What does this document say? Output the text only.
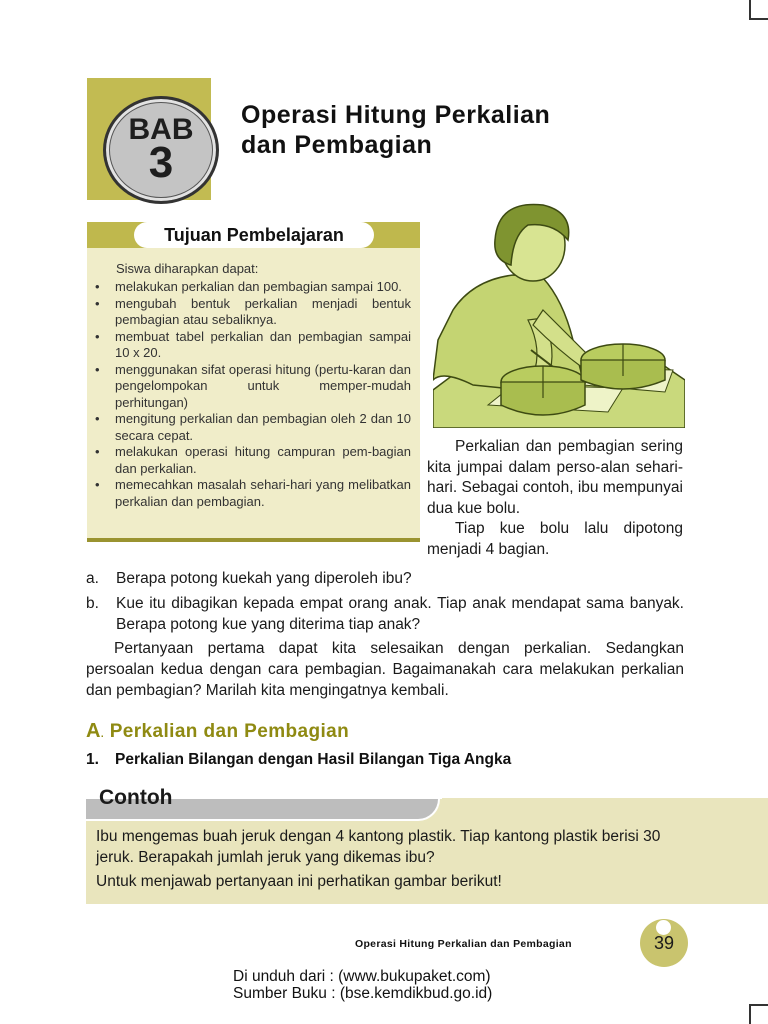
BAB
3
Operasi Hitung Perkalian
dan Pembagian
Tujuan Pembelajaran
Siswa diharapkan dapat:
• melakukan perkalian dan pembagian sampai 100.
• mengubah bentuk perkalian menjadi bentuk pembagian atau sebaliknya.
• membuat tabel perkalian dan pembagian sampai 10 x 20.
• menggunakan sifat operasi hitung (pertu-karan dan pengelompokan untuk memper-mudah perhitungan)
• mengitung perkalian dan pembagian oleh 2 dan 10 secara cepat.
• melakukan operasi hitung campuran pem-bagian dan perkalian.
• memecahkan masalah sehari-hari yang melibatkan perkalian dan pembagian.

Perkalian dan pembagian sering kita jumpai dalam perso-alan sehari-hari. Sebagai contoh, ibu mempunyai dua kue bolu.

Tiap kue bolu lalu dipotong menjadi 4 bagian.

a. Berapa potong kuekah yang diperoleh ibu?
b. Kue itu dibagikan kepada empat orang anak. Tiap anak mendapat sama banyak. Berapa potong kue yang diterima tiap anak?
Pertanyaan pertama dapat kita selesaikan dengan perkalian. Sedangkan persoalan kedua dengan cara pembagian. Bagaimanakah cara melakukan perkalian dan pembagian? Marilah kita mengingatnya kembali.
A. Perkalian dan Pembagian
1. Perkalian Bilangan dengan Hasil Bilangan Tiga Angka
Contoh

Ibu mengemas buah jeruk dengan 4 kantong plastik. Tiap kantong plastik berisi 30 jeruk. Berapakah jumlah jeruk yang dikemas ibu?

Untuk menjawab pertanyaan ini perhatikan gambar berikut!

Operasi Hitung Perkalian dan Pembagian	39
Di unduh dari : (www.bukupaket.com)
Sumber Buku : (bse.kemdikbud.go.id)
